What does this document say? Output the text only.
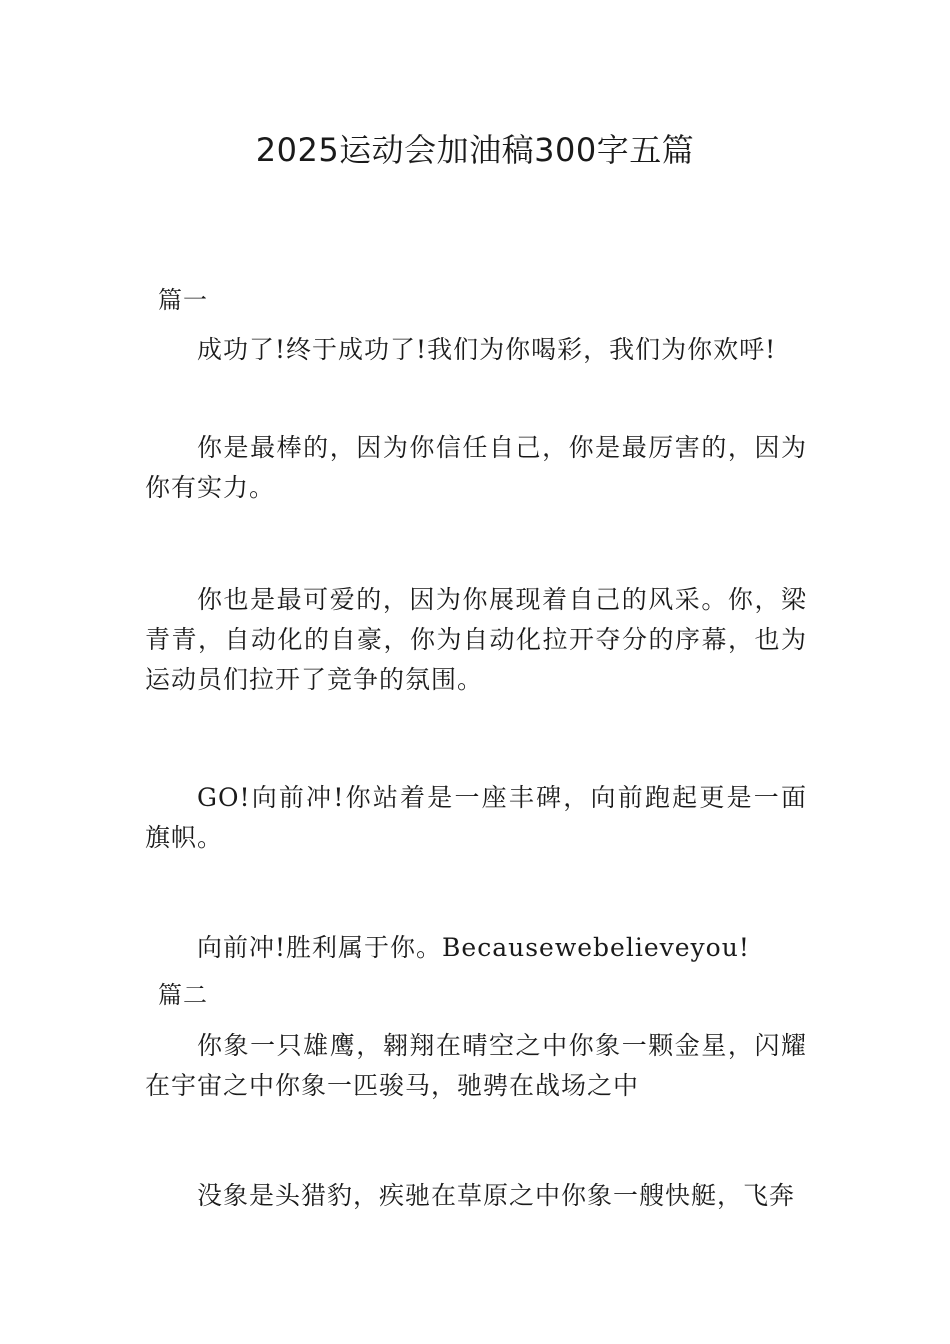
2025运动会加油稿300字五篇
篇一

成功了!终于成功了!我们为你喝彩，我们为你欢呼!

你是最棒的，因为你信任自己，你是最厉害的，因为你有实力。

你也是最可爱的，因为你展现着自己的风采。你，梁青青，自动化的自豪，你为自动化拉开夺分的序幕，也为运动员们拉开了竞争的氛围。

GO!向前冲!你站着是一座丰碑，向前跑起更是一面旗帜。

向前冲!胜利属于你。Becausewebelieveyou!

篇二

你象一只雄鹰，翱翔在晴空之中你象一颗金星，闪耀在宇宙之中你象一匹骏马，驰骋在战场之中

没象是头猎豹，疾驰在草原之中你象一艘快艇，飞奔
